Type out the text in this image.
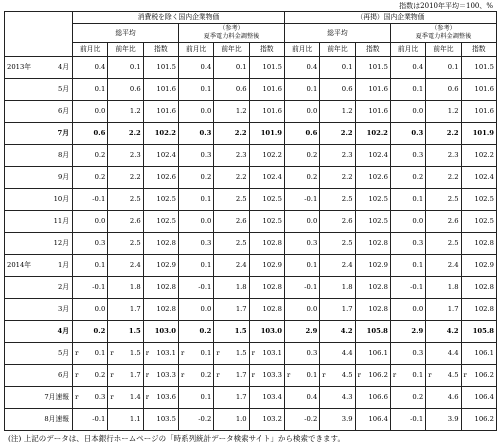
指数は2010年平均＝100、%
	消費税を除く国内企業物価						（再掲）国内企業物価					
	総平均			（参考）
夏季電力料金調整後			総平均			（参考）
夏季電力料金調整後		

	前月比	前年比	指数	前月比	前年比	指数	前月比	前年比	指数	前月比	前年比	指数

2013年 4月	0.4	0.1	101.5	0.4	0.1	101.5	0.4	0.1	101.5	0.4	0.1	101.5
5月	0.1	0.6	101.6	0.1	0.6	101.6	0.1	0.6	101.6	0.1	0.6	101.6
6月	0.0	1.2	101.6	0.0	1.2	101.6	0.0	1.2	101.6	0.0	1.2	101.6
7月	0.6	2.2	102.2	0.3	2.2	101.9	0.6	2.2	102.2	0.3	2.2	101.9
8月	0.2	2.3	102.4	0.3	2.3	102.2	0.2	2.3	102.4	0.3	2.3	102.2
9月	0.2	2.2	102.6	0.2	2.2	102.4	0.2	2.2	102.6	0.2	2.2	102.4
10月	-0.1	2.5	102.5	0.1	2.5	102.5	-0.1	2.5	102.5	0.1	2.5	102.5
11月	0.0	2.6	102.5	0.0	2.6	102.5	0.0	2.6	102.5	0.0	2.6	102.5
12月	0.3	2.5	102.8	0.3	2.5	102.8	0.3	2.5	102.8	0.3	2.5	102.8

2014年 1月	0.1	2.4	102.9	0.1	2.4	102.9	0.1	2.4	102.9	0.1	2.4	102.9
2月	-0.1	1.8	102.8	-0.1	1.8	102.8	-0.1	1.8	102.8	-0.1	1.8	102.8
3月	0.0	1.7	102.8	0.0	1.7	102.8	0.0	1.7	102.8	0.0	1.7	102.8
4月	0.2	1.5	103.0	0.2	1.5	103.0	2.9	4.2	105.8	2.9	4.2	105.8
5月	r 0.1	r 1.5	r 103.1	r 0.1	r 1.5	r 103.1	0.3	4.4	106.1	0.3	4.4	106.1
6月	r 0.2	r 1.7	r 103.3	r 0.2	r 1.7	r 103.3	r 0.1	r 4.5	r 106.2	r 0.1	r 4.5	r 106.2
7月速報	r 0.3	r 1.4	r 103.6	0.1	1.7	103.4	0.4	4.3	106.6	0.2	4.6	106.4
8月速報	-0.1	1.1	103.5	-0.2	1.0	103.2	-0.2	3.9	106.4	-0.1	3.9	106.2
(注) 上記のデータは、日本銀行ホームページの「時系列統計データ検索サイト」から検索できます。
